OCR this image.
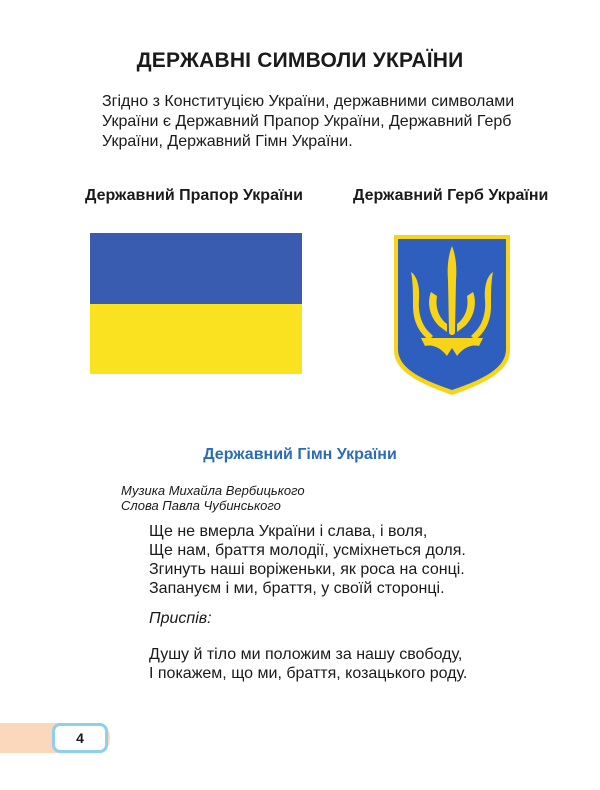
ДЕРЖАВНІ СИМВОЛИ УКРАЇНИ
Згідно з Конституцією України, державними символами
України є Державний Прапор України, Державний Герб
України, Державний Гімн України.
Державний Прапор України	Державний Герб України
Державний Гімн України
Музика Михайла Вербицького
Слова Павла Чубинського
Ще не вмерла України і слава, і воля,
Ще нам, браття молодії, усміхнеться доля.
Згинуть наші воріженьки, як роса на сонці.
Запануєм і ми, браття, у своїй сторонці.
Приспів:
Душу й тіло ми положим за нашу свободу,
І покажем, що ми, браття, козацького роду.
4
